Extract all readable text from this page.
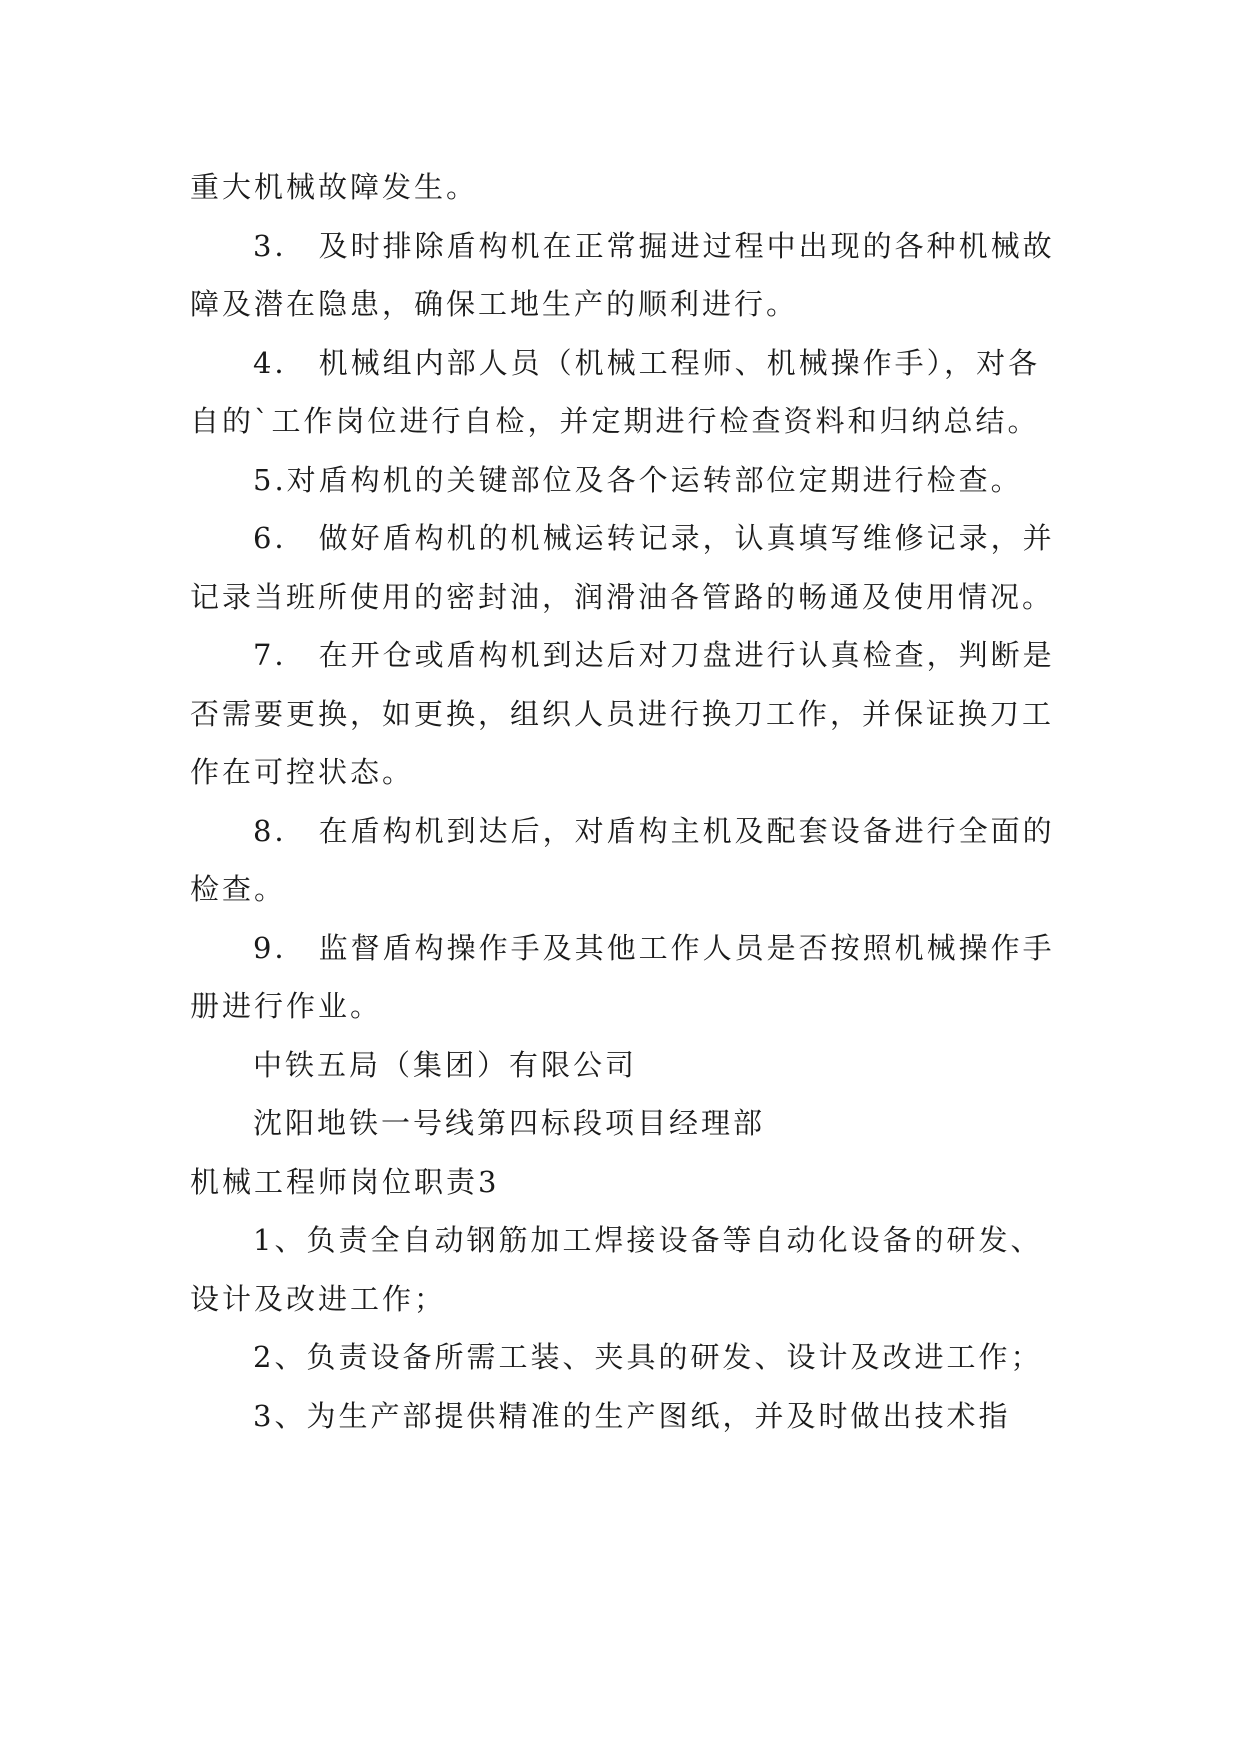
重大机械故障发生。

3． 及时排除盾构机在正常掘进过程中出现的各种机械故障及潜在隐患，确保工地生产的顺利进行。

4． 机械组内部人员（机械工程师、机械操作手），对各自的`工作岗位进行自检，并定期进行检查资料和归纳总结。

5.对盾构机的关键部位及各个运转部位定期进行检查。

6． 做好盾构机的机械运转记录，认真填写维修记录，并记录当班所使用的密封油，润滑油各管路的畅通及使用情况。

7． 在开仓或盾构机到达后对刀盘进行认真检查，判断是否需要更换，如更换，组织人员进行换刀工作，并保证换刀工作在可控状态。

8． 在盾构机到达后，对盾构主机及配套设备进行全面的检查。

9． 监督盾构操作手及其他工作人员是否按照机械操作手册进行作业。

中铁五局（集团）有限公司

沈阳地铁一号线第四标段项目经理部

机械工程师岗位职责3

1、负责全自动钢筋加工焊接设备等自动化设备的研发、设计及改进工作；

2、负责设备所需工装、夹具的研发、设计及改进工作；

3、为生产部提供精准的生产图纸，并及时做出技术指
